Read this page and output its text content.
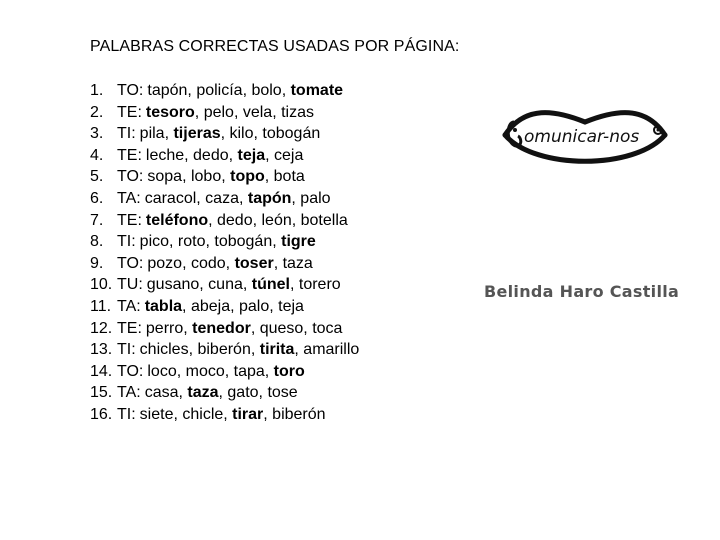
PALABRAS CORRECTAS USADAS POR PÁGINA:
1. TO: tapón, policía, bolo, tomate
2. TE: tesoro, pelo, vela, tizas
3. TI: pila, tijeras, kilo, tobogán
4. TE: leche, dedo, teja, ceja
5. TO: sopa, lobo, topo, bota
6. TA: caracol, caza, tapón, palo
7. TE: teléfono, dedo, león, botella
8. TI: pico, roto, tobogán, tigre
9. TO: pozo, codo, toser, taza
10. TU: gusano, cuna, túnel, torero
11. TA: tabla, abeja, palo, teja
12. TE: perro, tenedor, queso, toca
13. TI: chicles, biberón, tirita, amarillo
14. TO: loco, moco, tapa, toro
15. TA: casa, taza, gato, tose
16. TI: siete, chicle, tirar, biberón
omunicar-nos
Belinda Haro Castilla
